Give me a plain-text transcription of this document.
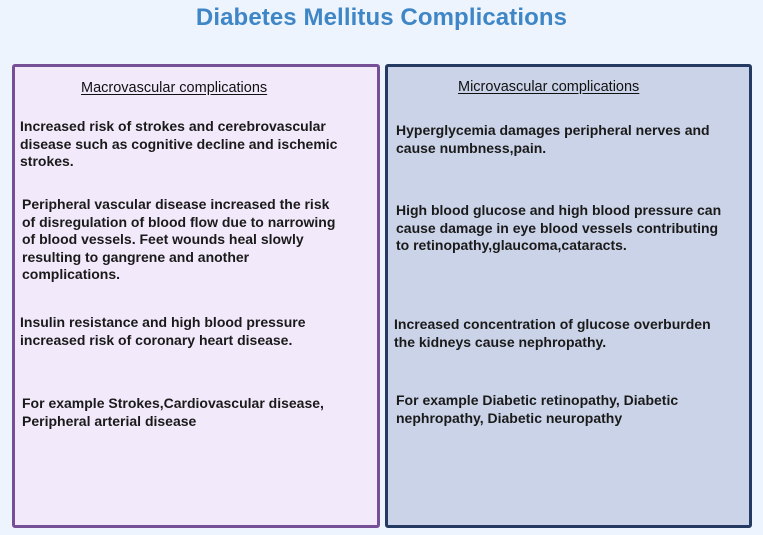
Diabetes Mellitus Complications
Macrovascular complications
Increased risk of strokes and cerebrovascular disease such as cognitive decline and ischemic strokes.
Peripheral vascular disease increased the risk of disregulation of blood flow due to narrowing of blood vessels. Feet wounds heal slowly resulting to gangrene and another complications.
Insulin resistance and high blood pressure increased risk of coronary heart disease.
For example Strokes,Cardiovascular disease, Peripheral arterial disease
Microvascular complications
Hyperglycemia damages peripheral nerves and cause numbness,pain.
High blood glucose and high blood pressure can cause damage in eye blood vessels contributing to retinopathy,glaucoma,cataracts.
Increased concentration of glucose overburden the kidneys cause nephropathy.
For example Diabetic retinopathy, Diabetic nephropathy, Diabetic neuropathy
